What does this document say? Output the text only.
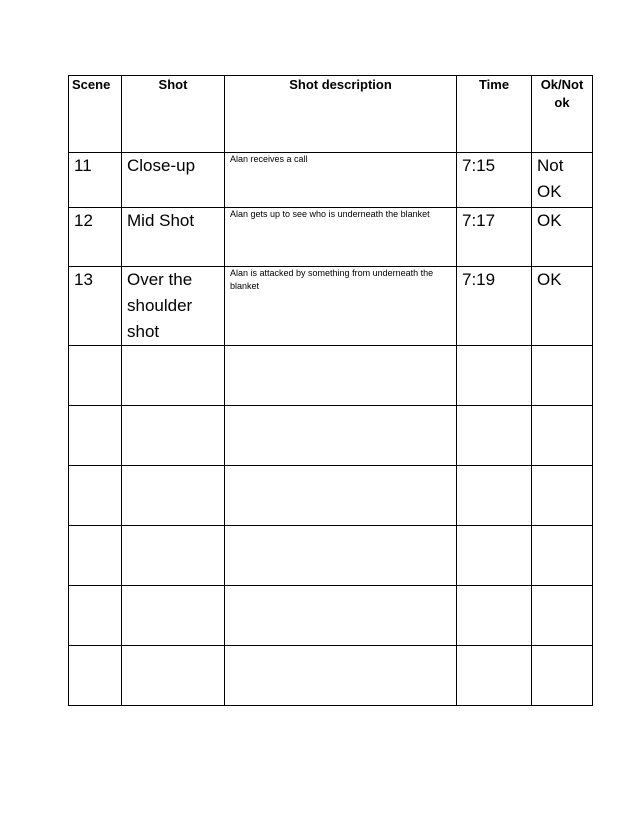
Scene	Shot	Shot description	Time	Ok/Not ok
11	Close-up	Alan receives a call	7:15	Not OK
12	Mid Shot	Alan gets up to see who is underneath the blanket	7:17	OK
13	Over the shoulder shot	Alan is attacked by something from underneath the blanket	7:19	OK
